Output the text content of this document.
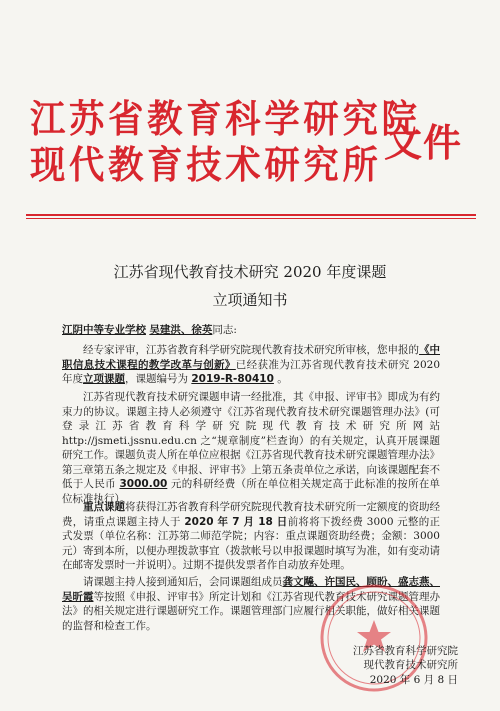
江苏省教育科学研究院
现代教育技术研究所 文件
江苏省现代教育技术研究 2020 年度课题
立项通知书
江阴中等专业学校 吴建洪、徐英同志:

经专家评审，江苏省教育科学研究院现代教育技术研究所审核，您申报的《中职信息技术课程的教学改革与创新》已经获准为江苏省现代教育技术研究 2020 年度立项课题，课题编号为 2019-R-80410 。

江苏省现代教育技术研究课题申请一经批准，其《申报、评审书》即成为有约束力的协议。课题主持人必须遵守《江苏省现代教育技术研究课题管理办法》(可登录江苏省教育科学研究院现代教育技术研究所网站 http://jsmeti.jssnu.edu.cn 之“规章制度”栏查询）的有关规定，认真开展课题研究工作。课题负责人所在单位应根据《江苏省现代教育技术研究课题管理办法》第三章第五条之规定及《申报、评审书》上第五条责单位之承诺，向该课题配套不低于人民币 3000.00 元的科研经费（所在单位相关规定高于此标准的按所在单位标准执行）。

重点课题将获得江苏省教育科学研究院现代教育技术研究所一定额度的资助经费，请重点课题主持人于 2020 年 7 月 18 日前将将下拨经费 3000 元整的正式发票（单位名称：江苏第二师范学院；内容：重点课题资助经费；金额：3000 元）寄到本所，以便办理拨款事宜（拨款帐号以申报课题时填写为准，如有变动请在邮寄发票时一并说明）。过期不提供发票者作自动放弃处理。

请课题主持人接到通知后，会同课题组成员龚文飚、许国民、顾盼、盛志燕、吴昕霞等按照《申报、评审书》所定计划和《江苏省现代教育技术研究课题管理办法》的相关规定进行课题研究工作。课题管理部门应履行相关职能，做好相关课题的监督和检查工作。

江苏省教育科学研究院
现代教育技术研究所
2020 年 6 月 8 日
